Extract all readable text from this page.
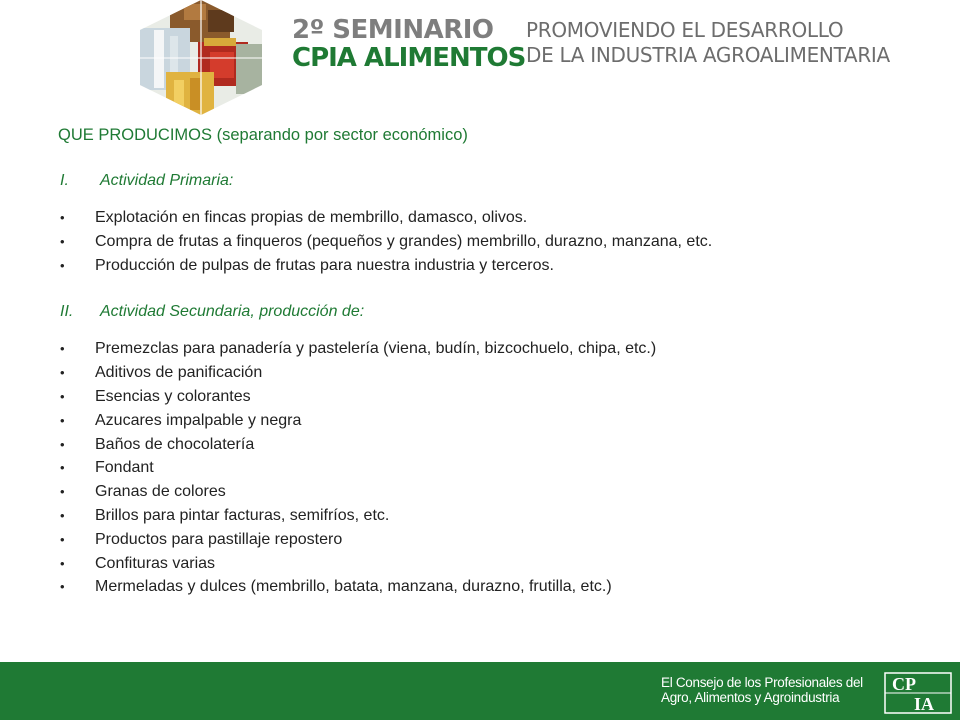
2º SEMINARIO
CPIA ALIMENTOS
PROMOVIENDO EL DESARROLLO
DE LA INDUSTRIA AGROALIMENTARIA
QUE PRODUCIMOS (separando por sector económico)
I. Actividad Primaria:
• Explotación en fincas propias de membrillo, damasco, olivos.
• Compra de frutas a finqueros (pequeños y grandes) membrillo, durazno, manzana, etc.
• Producción de pulpas de frutas para nuestra industria y terceros.
II. Actividad Secundaria, producción de:
• Premezclas para panadería y pastelería (viena, budín, bizcochuelo, chipa, etc.)
• Aditivos de panificación
• Esencias y colorantes
• Azucares impalpable y negra
• Baños de chocolatería
• Fondant
• Granas de colores
• Brillos para pintar facturas, semifríos, etc.
• Productos para pastillaje repostero
• Confituras varias
• Mermeladas y dulces (membrillo, batata, manzana, durazno, frutilla, etc.)
El Consejo de los Profesionales del
Agro, Alimentos y Agroindustria
CP
IA
